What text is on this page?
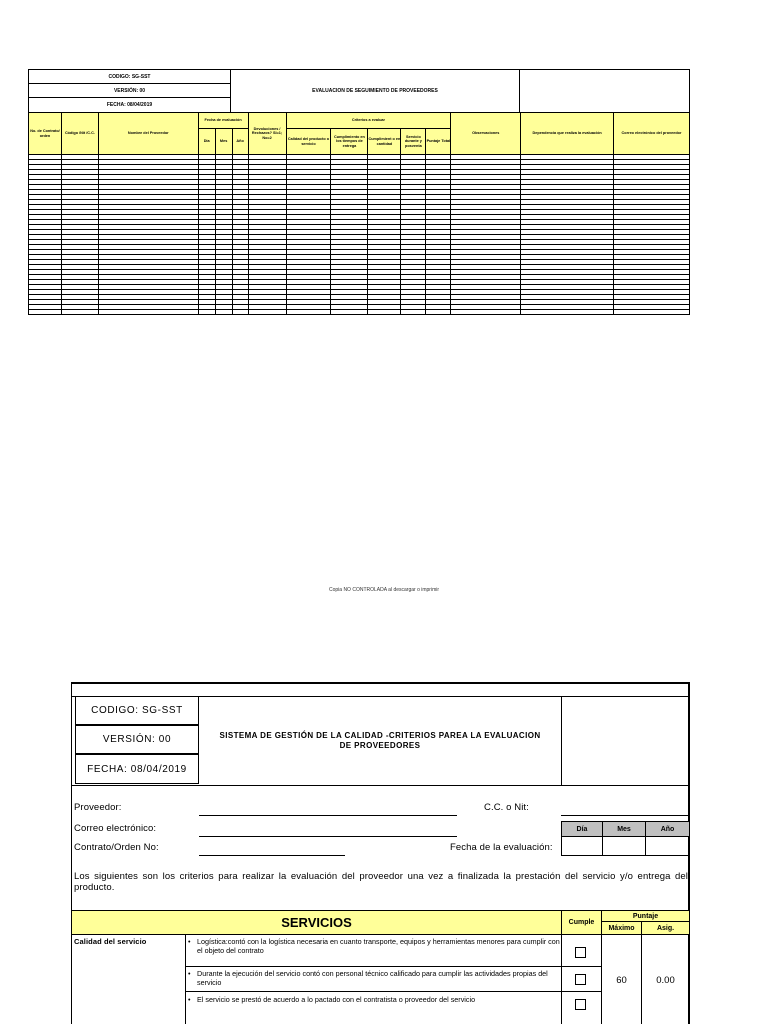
CODIGO: SG-SST
VERSIÓN: 00
FECHA: 08/04/2019
EVALUACION DE SEGUIMIENTO DE PROVEEDORES
No. de Contrato/ orden	Código /Nit /C.C.	Nombre del Proveedor	Fecha de evaluación			Devoluciones / Rechazos? SI=1; No=2	Criterios a evaluar					Observaciones	Dependencia que realiza la evaluación	Correo electrónico del proveedor
			Dia	Mes	Año		Calidad del producto o servicio	Cumplimiento en los tiempos de entrega	Cumplimient o en cantidad	Servicio durante y posventa	Puntaje Total			

Copia NO CONTROLADA al descargar o imprimir
CODIGO: SG-SST
VERSIÓN: 00
FECHA: 08/04/2019
SISTEMA DE GESTIÓN DE LA CALIDAD -CRITERIOS PAREA LA EVALUACION
DE PROVEEDORES
Proveedor:	C.C. o Nit:
Correo electrónico:
Contrato/Orden No:	Fecha de la evaluación:
Día	Mes	Año
Los siguientes son los criterios para realizar la evaluación del proveedor una vez a finalizada la prestación del servicio y/o entrega del producto.
SERVICIOS	Cumple
Puntaje
Máximo	Asig.
Calidad del servicio	• Logística:contó con la logística necesaria en cuanto transporte, equipos y herramientas menores para cumplir con el objeto del contrato
• Durante la ejecución del servicio contó con personal técnico calificado para cumplir las actividades propias del servicio
• El servicio se prestó de acuerdo a lo pactado con el contratista o proveedor del servicio
60	0.00
